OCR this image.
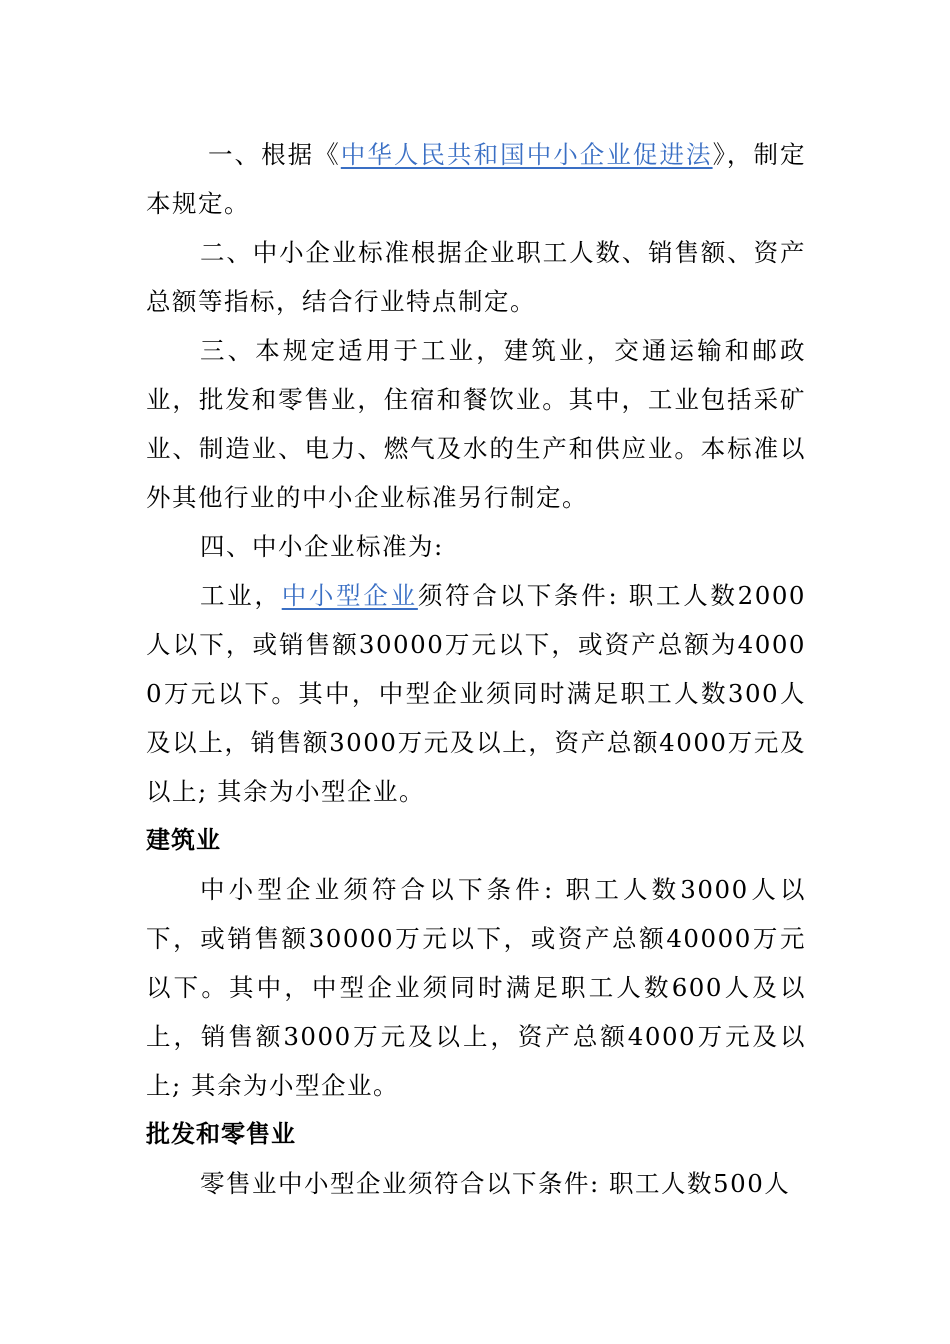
一、根据《中华人民共和国中小企业促进法》，制定本规定。

二、中小企业标准根据企业职工人数、销售额、资产总额等指标，结合行业特点制定。

三、本规定适用于工业，建筑业，交通运输和邮政业，批发和零售业，住宿和餐饮业。其中，工业包括采矿业、制造业、电力、燃气及水的生产和供应业。本标准以外其他行业的中小企业标准另行制定。

四、中小企业标准为:

工业，中小型企业须符合以下条件: 职工人数2000人以下，或销售额30000万元以下，或资产总额为40000万元以下。其中，中型企业须同时满足职工人数300人及以上，销售额3000万元及以上，资产总额4000万元及以上; 其余为小型企业。

建筑业

中小型企业须符合以下条件: 职工人数3000人以下，或销售额30000万元以下，或资产总额40000万元以下。其中，中型企业须同时满足职工人数600人及以上，销售额3000万元及以上，资产总额4000万元及以上; 其余为小型企业。

批发和零售业

零售业中小型企业须符合以下条件: 职工人数500人
